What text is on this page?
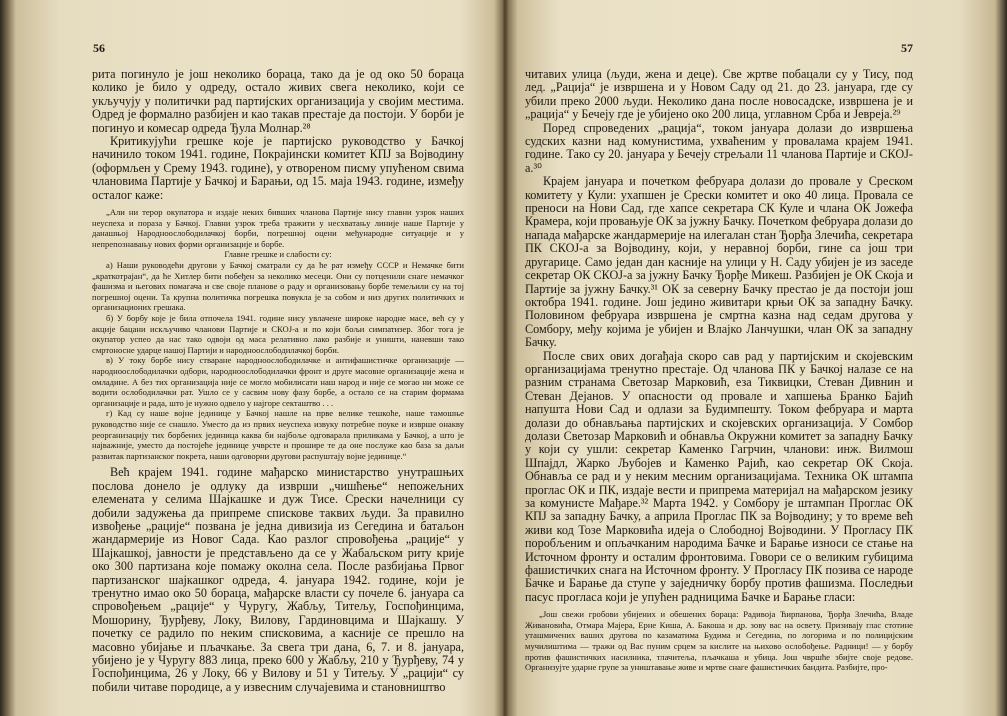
56

рита погинуло је још неколико бораца, тако да је од око 50 бораца колико је било у одреду, остало живих свега неколико, који се укључују у политички рад партијских организација у својим местима. Одред је формално разбијен и као такав престаје да постоји. У борби је погинуо и комесар одреда Ђула Молнар.²⁸

Критикујући грешке које је партијско руководство у Бачкој начинило током 1941. године, Покрајински комитет КПЈ за Војводину (оформљен у Срему 1943. године), у отвореном писму упућеном свима члановима Партије у Бачкој и Барањи, од 15. маја 1943. године, између осталог каже:

„Али ни терор окупатора и издаје неких бивших чланова Партије нису главни узрок наших неуспеха и пораза у Бачкој. Главни узрок треба тражити у несхватању линије наше Партије у данашњој Народноослободилачкој борби, погрешној оцени међународне ситуације и у непрепознавању нових форми организације и борбе.

Главне грешке и слабости су:

а) Наши руководећи другови у Бачкој сматрали су да ће рат између СССР и Немачке бити „краткотрајан“, да ће Хитлер бити побеђен за неколико месеци. Они су потценили снаге немачког фашизма и његових помагача и све своје планове о раду и организовању борбе темељили су на тој погрешној оцени. Та крупна политичка погрешка повукла је за собом и низ других политичких и организационих грешака.

б) У борбу које је била отпочела 1941. године нису увлачене широке народне масе, већ су у акције бацани искључиво чланови Партије и СКОЈ-а и по који бољи симпатизер. Због тога је окупатор успео да нас тако одвоји од маса релативно лако разбије и уништи, наневши тако смртоносне ударце нашој Партији и народноослободилачкој борби.

в) У току борбе нису стваране народноослободилачке и антифашистичке организације — народноослободилачки одбори, народноослободилачки фронт и друге масовне организације жена и омладине. А без тих организација није се могло мобилисати наш народ и није се могао ни може се водити ослободилачки рат. Ушло се у сасвим нову фазу борбе, а остало се на старим формама организације и рада, што је нужно одвело у најгоре секташтво . . .

г) Кад су наше војне јединице у Бачкој нашле на прве велике тешкоће, наше тамошње руководство није се снашло. Уместо да из првих неуспеха извуку потребне поуке и изврше онакву реорганизацију тих борбених јединица каква би најбоље одговарала приликама у Бачкој, а што је најважније, уместо да постојеће јединице учврсте и прошире те да оне послуже као база за даљи развитак партизанског покрета, наши одговорни другови распуштају војне јединице.“

Већ крајем 1941. године мађарско министарство унутрашњих послова донело је одлуку да изврши „чишћење“ непожељних елемената у селима Шајкашке и дуж Тисе. Срески начелници су добили задужења да припреме спискове таквих људи. За правилно извођење „рације“ позвана је једна дивизија из Сегедина и батаљон жандармерије из Новог Сада. Као разлог спровођења „рације“ у Шајкашкој, јавности је представљено да се у Жабаљском риту крије око 300 партизана које помажу околна села. После разбијања Првог партизанског шајкашког одреда, 4. јануара 1942. године, који је тренутно имао око 50 бораца, мађарске власти су почеле 6. јануара са спровођењем „рације“ у Чуругу, Жабљу, Титељу, Госпођинцима, Мошорину, Ђурђеву, Локу, Вилову, Гардиновцима и Шајкашу. У почетку се радило по неким списковима, а касније се прешло на масовно убијање и пљачкање. За свега три дана, 6, 7. и 8. јануара, убијено је у Чуругу 883 лица, преко 600 у Жабљу, 210 у Ђурђеву, 74 у Госпођинцима, 26 у Локу, 66 у Вилову и 51 у Титељу. У „рацији“ су побили читаве породице, а у извесним случајевима и становништво

57

читавих улица (људи, жена и деце). Све жртве побацали су у Тису, под лед. „Рација“ је извршена и у Новом Саду од 21. до 23. јануара, где су убили преко 2000 људи. Неколико дана после новосадске, извршена је и „рација“ у Бечеју где је убијено око 200 лица, углавном Срба и Јевреја.²⁹

Поред спроведених „рација“, током јануара долази до извршења судских казни над комунистима, ухваћеним у провалама крајем 1941. године. Тако су 20. јануара у Бечеју стрељали 11 чланова Партије и СКОЈ-а.³⁰

Крајем јануара и почетком фебруара долази до провале у Среском комитету у Кули: ухапшен је Срески комитет и око 40 лица. Провала се преноси на Нови Сад, где хапсе секретара СК Куле и члана ОК Јожефа Крамера, који провањује ОК за јужну Бачку. Почетком фебруара долази до напада мађарске жандармерије на илегалан стан Ђорђа Злечића, секретара ПК СКОЈ-а за Војводину, који, у неравној борби, гине са још три другарице. Само један дан касније на улици у Н. Саду убијен је из заседе секретар ОК СКОЈ-а за јужну Бачку Ђорђе Микеш. Разбијен је ОК Скоја и Партије за јужну Бачку.³¹ ОК за северну Бачку престао је да постоји још октобра 1941. године. Још једино живитари крњи ОК за западну Бачку. Половином фебруара извршена је смртна казна над седам другова у Сомбору, међу којима је убијен и Влајко Ланчушки, члан ОК за западну Бачку.

После свих ових догађаја скоро сав рад у партијским и скојевским организацијама тренутно престаје. Од чланова ПК у Бачкој налазе се на разним странама Светозар Марковић, еза Тиквицки, Стеван Дивнин и Стеван Дејанов. У опасности од провале и хапшења Бранко Бајић напушта Нови Сад и одлази за Будимпешту. Током фебруара и марта долази до обнављања партијских и скојевских организација. У Сомбор долази Светозар Марковић и обнавља Окружни комитет за западну Бачку у који су ушли: секретар Каменко Гагрчин, чланови: инж. Вилмош Шпајдл, Жарко Љубојев и Каменко Рајић, као секретар ОК Скоја. Обнавља се рад и у неким месним организацијама. Техника ОК штампа проглас ОК и ПК, издаје вести и припрема материјал на мађарском језику за комунисте Мађаре.³² Марта 1942. у Сомбору је штампан Проглас ОК КПЈ за западну Бачку, а априла Проглас ПК за Војводину; у то време већ живи код Тозе Марковића идеја о Слободној Војводини. У Прогласу ПК поробљеним и опљачканим народима Бачке и Барање износи се стање на Источном фронту и осталим фронтовима. Говори се о великим губицима фашистичких снага на Источном фронту. У Прогласу ПК позива се народе Бачке и Барање да ступе у заједничку борбу против фашизма. Последњи пасус прогласа који је упућен радницима Бачке и Барање гласи:

„Још свежи гробови убијених и обешених бораца: Радивоја Ћирпанова, Ђорђа Злечића, Владе Живановића, Отмара Мајера, Ерне Киша, А. Бакоша и др. зову вас на освету. Призивају глас стотине уташмичених ваших другова по казаматима Будима и Сегедина, по логорима и по полицијским мучилиштима — тражи од Вас пуним срцем за кислите на њихово ослобођење. Радници! — у борбу против фашистичких насилника, тлачитеља, пљачкаша и убица. Још чвршће збијте своје редове. Организујте ударне групе за уништавање живе и мртве снаге фашистичких бандита. Разбијте, про-
